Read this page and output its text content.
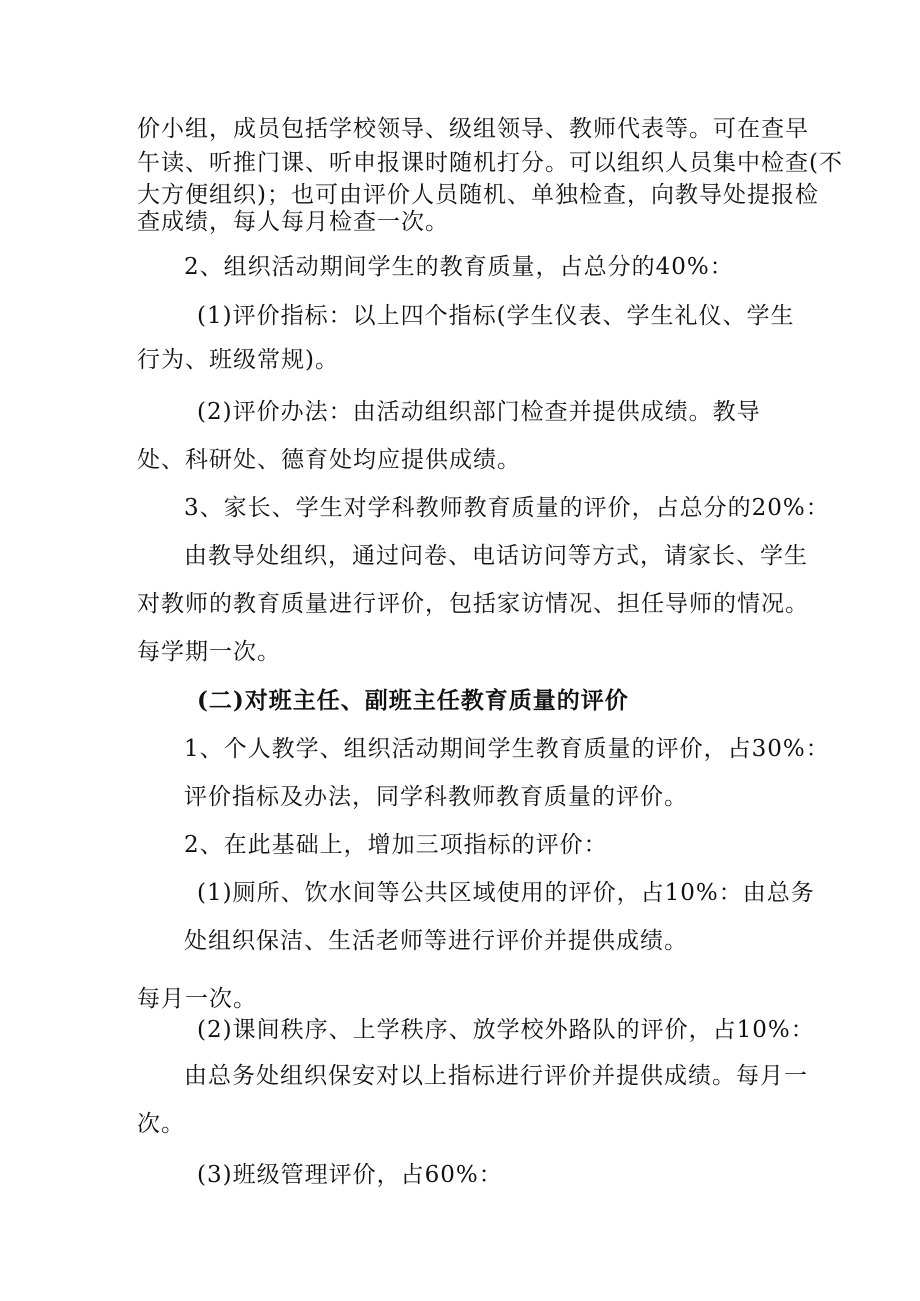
价小组，成员包括学校领导、级组领导、教师代表等。可在查早

午读、听推门课、听申报课时随机打分。可以组织人员集中检查(不

大方便组织)；也可由评价人员随机、单独检查，向教导处提报检

查成绩，每人每月检查一次。

2、组织活动期间学生的教育质量，占总分的40%：

(1)评价指标：以上四个指标(学生仪表、学生礼仪、学生

行为、班级常规)。

(2)评价办法：由活动组织部门检查并提供成绩。教导

处、科研处、德育处均应提供成绩。

3、家长、学生对学科教师教育质量的评价，占总分的20%：

由教导处组织，通过问卷、电话访问等方式，请家长、学生

对教师的教育质量进行评价，包括家访情况、担任导师的情况。

每学期一次。

(二)对班主任、副班主任教育质量的评价

1、个人教学、组织活动期间学生教育质量的评价，占30%：

评价指标及办法，同学科教师教育质量的评价。

2、在此基础上，增加三项指标的评价：

(1)厕所、饮水间等公共区域使用的评价，占10%：由总务

处组织保洁、生活老师等进行评价并提供成绩。

每月一次。

(2)课间秩序、上学秩序、放学校外路队的评价，占10%：

由总务处组织保安对以上指标进行评价并提供成绩。每月一

次。

(3)班级管理评价，占60%：
